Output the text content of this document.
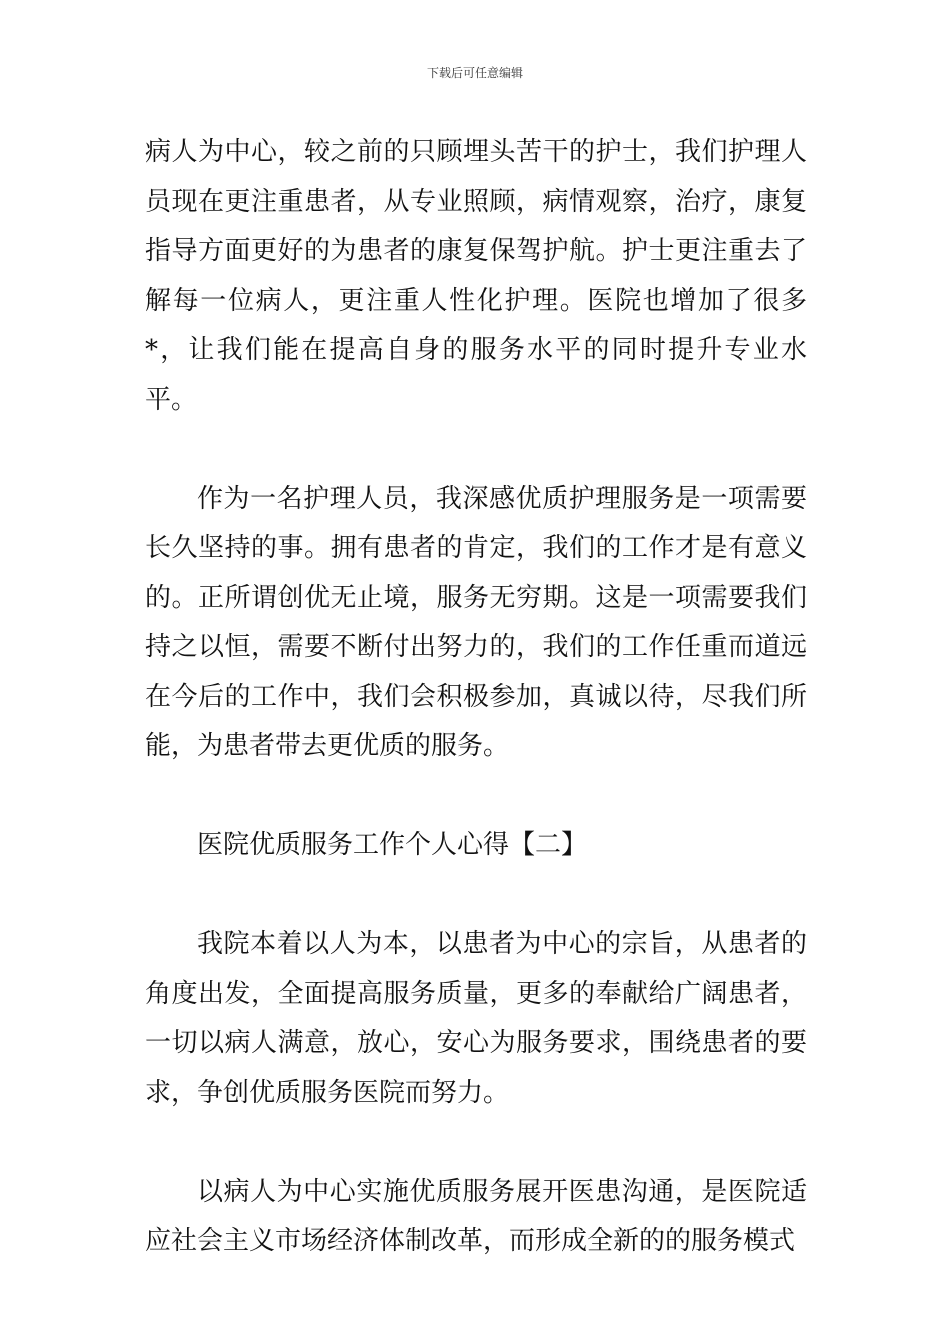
下载后可任意编辑

病人为中心，较之前的只顾埋头苦干的护士，我们护理人员现在更注重患者，从专业照顾，病情观察，治疗，康复指导方面更好的为患者的康复保驾护航。护士更注重去了解每一位病人，更注重人性化护理。医院也增加了很多*，让我们能在提高自身的服务水平的同时提升专业水平。

作为一名护理人员，我深感优质护理服务是一项需要长久坚持的事。拥有患者的肯定，我们的工作才是有意义的。正所谓创优无止境，服务无穷期。这是一项需要我们持之以恒，需要不断付出努力的，我们的工作任重而道远在今后的工作中，我们会积极参加，真诚以待，尽我们所能，为患者带去更优质的服务。

医院优质服务工作个人心得【二】

我院本着以人为本，以患者为中心的宗旨，从患者的角度出发，全面提高服务质量，更多的奉献给广阔患者，一切以病人满意，放心，安心为服务要求，围绕患者的要求，争创优质服务医院而努力。

以病人为中心实施优质服务展开医患沟通，是医院适应社会主义市场经济体制改革，而形成全新的的服务模式
